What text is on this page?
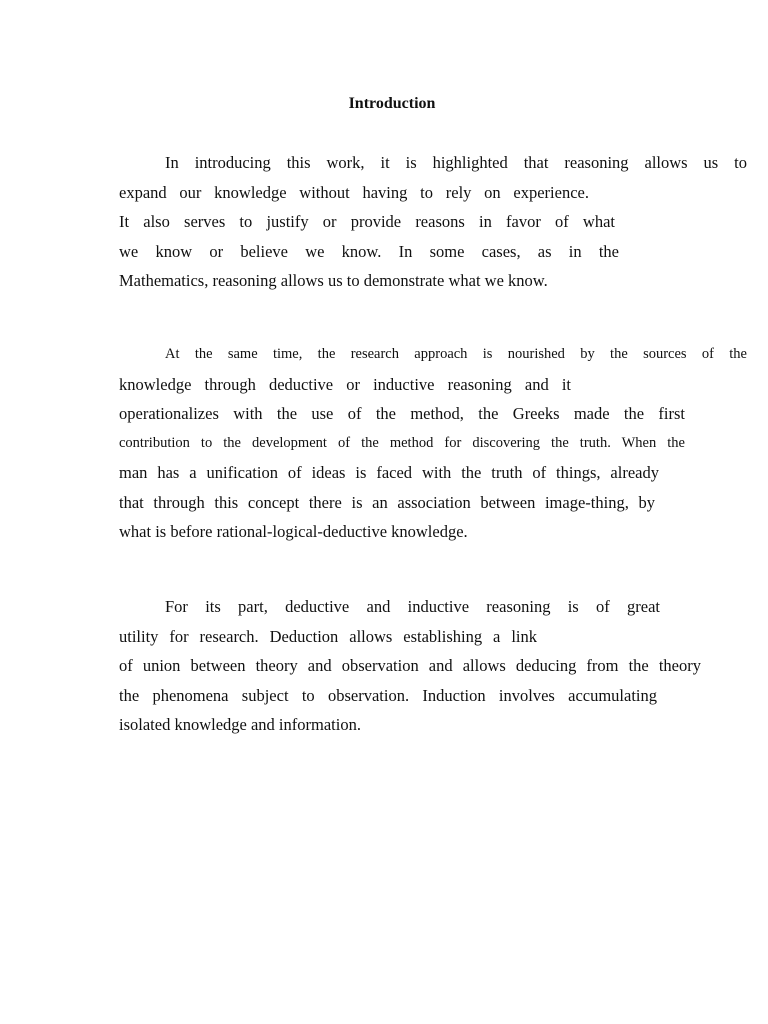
Introduction
In introducing this work, it is highlighted that reasoning allows us to
expand our knowledge without having to rely on experience.
It also serves to justify or provide reasons in favor of what
we know or believe we know. In some cases, as in the
Mathematics, reasoning allows us to demonstrate what we know.
At the same time, the research approach is nourished by the sources of the
knowledge through deductive or inductive reasoning and it
operationalizes with the use of the method, the Greeks made the first
contribution to the development of the method for discovering the truth. When the
man has a unification of ideas is faced with the truth of things, already
that through this concept there is an association between image-thing, by
what is before rational-logical-deductive knowledge.
For its part, deductive and inductive reasoning is of great
utility for research. Deduction allows establishing a link
of union between theory and observation and allows deducing from the theory
the phenomena subject to observation. Induction involves accumulating
isolated knowledge and information.
